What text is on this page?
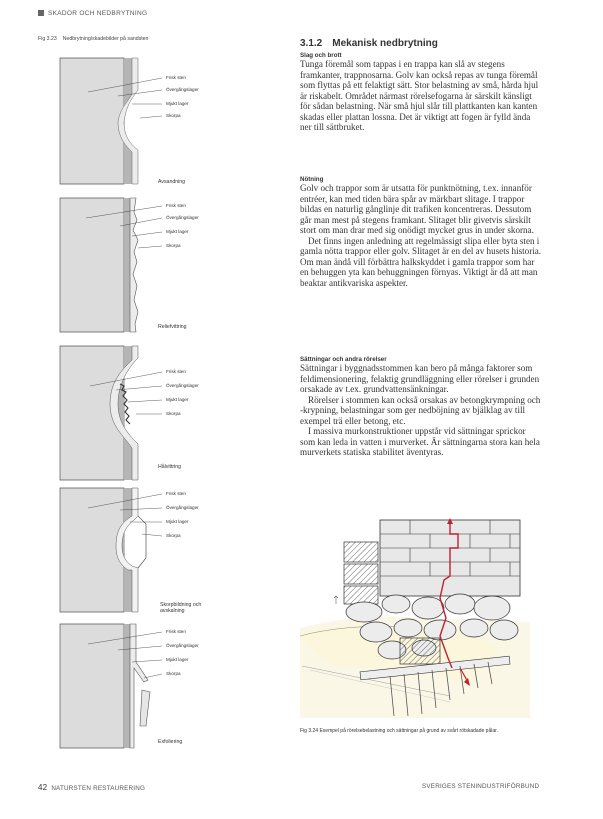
SKADOR OCH NEDBRYTNING
Fig 3.23 Nedbrytning/skadebilder på sandsten
Frisk sten
Övergångslager
Mjukt lager
Skorpa
Avsandning
Frisk sten
Övergångslager
Mjukt lager
Skorpa
Reliefvittring
Frisk sten
Övergångslager
Mjukt lager
Skorpa
Hålvittring
Frisk sten
Övergångslager
Mjukt lager
Skorpa
Skorpbildning och avskalning
Frisk sten
Övergångslager
Mjukt lager
Skorpa
Exfoliering
3.1.2 Mekanisk nedbrytning

Slag och brott

Tunga föremål som tappas i en trappa kan slå av stegens framkanter, trappnosarna. Golv kan också repas av tunga föremål som flyttas på ett felaktigt sätt. Stor belastning av små, hårda hjul är riskabelt. Området närmast rörelsefogarna är särskilt känsligt för sådan belastning. När små hjul slår till plattkanten kan kanten skadas eller plattan lossna. Det är viktigt att fogen är fylld ända ner till sättbruket.

Nötning

Golv och trappor som är utsatta för punktnötning, t.ex. innanför entréer, kan med tiden bära spår av märkbart slitage. I trappor bildas en naturlig gånglinje dit trafiken koncentreras. Dessutom går man mest på stegens framkant. Slitaget blir givetvis särskilt stort om man drar med sig onödigt mycket grus in under skorna.

Det finns ingen anledning att regelmässigt slipa eller byta sten i gamla nötta trappor eller golv. Slitaget är en del av husets historia. Om man ändå vill förbättra halkskyddet i gamla trappor som har en behuggen yta kan behuggningen förnyas. Viktigt är då att man beaktar antikvariska aspekter.

Sättningar och andra rörelser

Sättningar i byggnadsstommen kan bero på många faktorer som feldimensionering, felaktig grundläggning eller rörelser i grunden orsakade av t.ex. grundvattensänkningar.

Rörelser i stommen kan också orsakas av betongkrympning och -krypning, belastningar som ger nedböjning av bjälklag av till exempel trä eller betong, etc.

I massiva murkonstruktioner uppstår vid sättningar sprickor som kan leda in vatten i murverket. Är sättningarna stora kan hela murverkets statiska stabilitet äventyras.

Fig 3.24 Exempel på rörelsebelastning och sättningar på grund av svårt rötskadade pålar.
42 NATURSTEN RESTAURERING	SVERIGES STENINDUSTRIFÖRBUND
